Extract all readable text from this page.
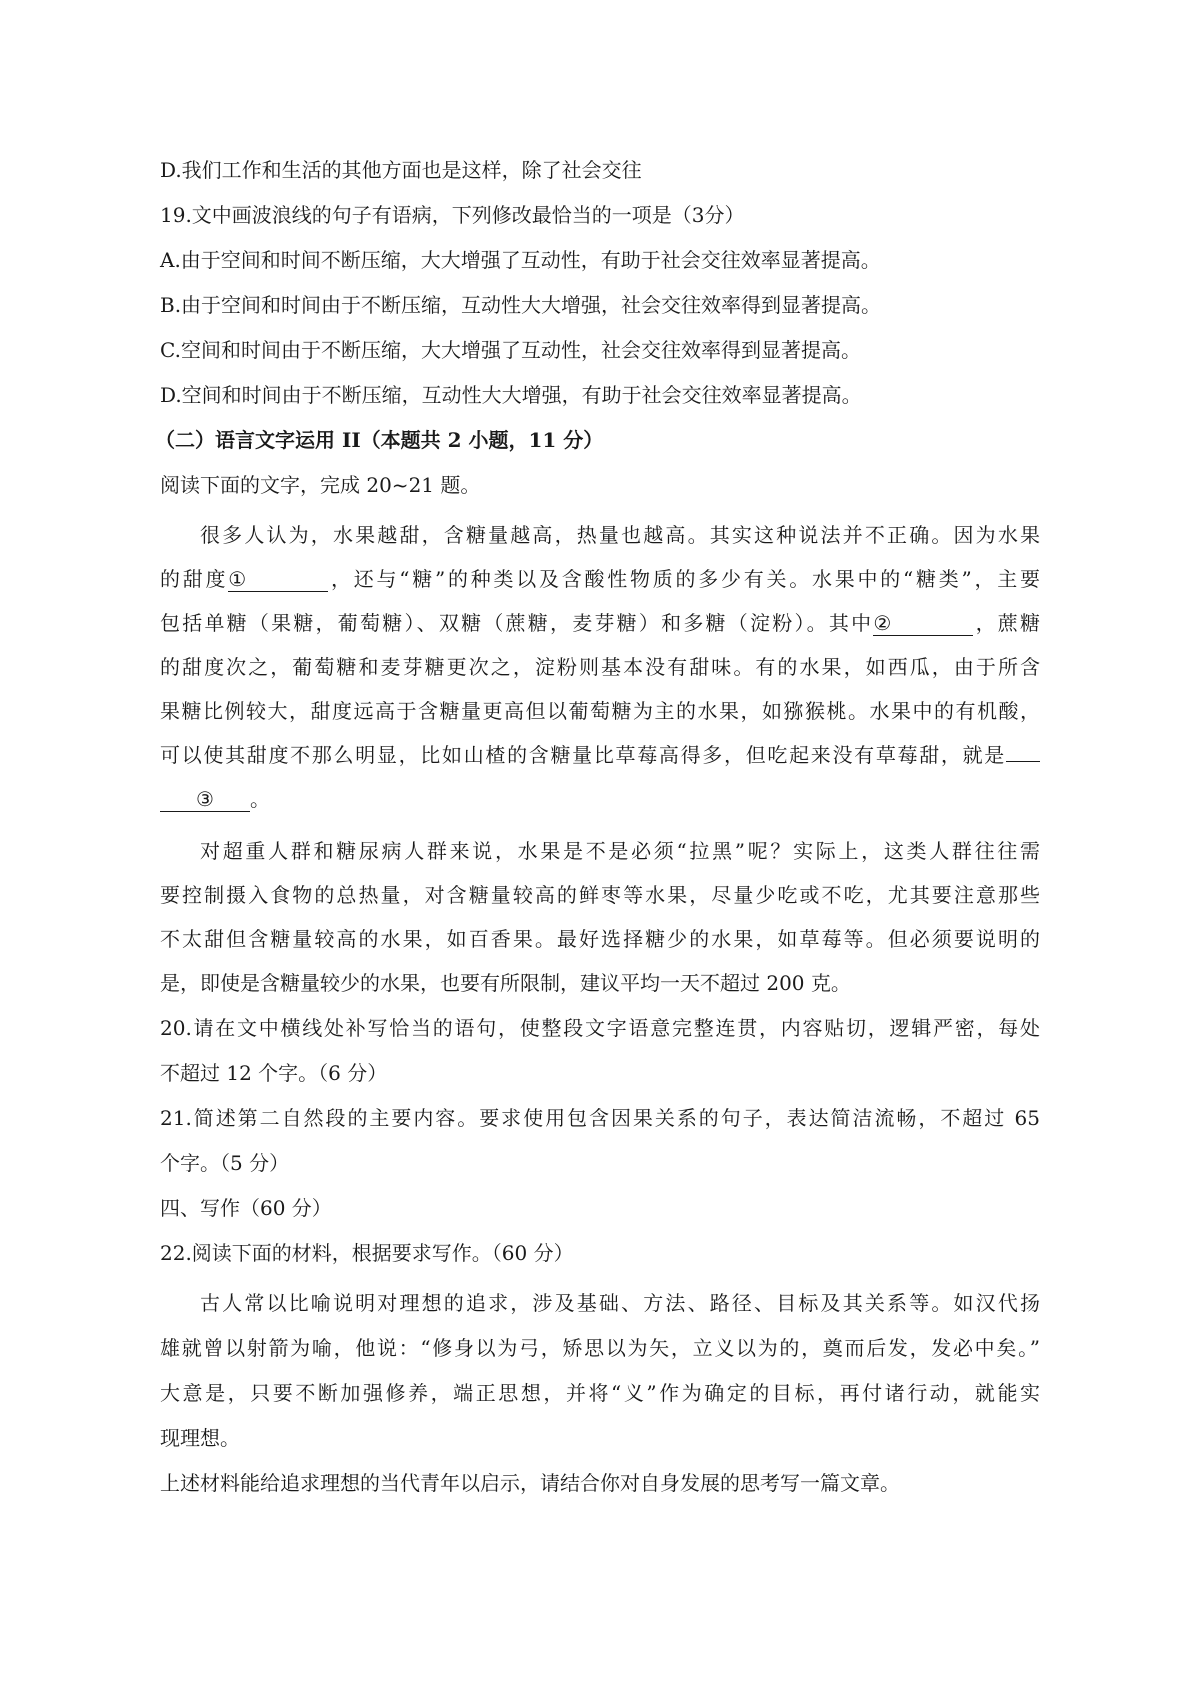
D.我们工作和生活的其他方面也是这样，除了社会交往
19.文中画波浪线的句子有语病，下列修改最恰当的一项是（3分）
A.由于空间和时间不断压缩，大大增强了互动性，有助于社会交往效率显著提高。
B.由于空间和时间由于不断压缩，互动性大大增强，社会交往效率得到显著提高。
C.空间和时间由于不断压缩，大大增强了互动性，社会交往效率得到显著提高。
D.空间和时间由于不断压缩，互动性大大增强，有助于社会交往效率显著提高。
（二）语言文字运用 II（本题共 2 小题，11 分）
阅读下面的文字，完成 20~21 题。
很多人认为，水果越甜，含糖量越高，热量也越高。其实这种说法并不正确。因为水果
的甜度①	，还与“糖”的种类以及含酸性物质的多少有关。水果中的“糖类”，主要
包括单糖（果糖，葡萄糖）、双糖（蔗糖，麦芽糖）和多糖（淀粉）。其中②	，蔗糖
的甜度次之，葡萄糖和麦芽糖更次之，淀粉则基本没有甜味。有的水果，如西瓜，由于所含
果糖比例较大，甜度远高于含糖量更高但以葡萄糖为主的水果，如猕猴桃。水果中的有机酸，
可以使其甜度不那么明显，比如山楂的含糖量比草莓高得多，但吃起来没有草莓甜，就是
③ 。
对超重人群和糖尿病人群来说，水果是不是必须“拉黑”呢？实际上，这类人群往往需
要控制摄入食物的总热量，对含糖量较高的鲜枣等水果，尽量少吃或不吃，尤其要注意那些
不太甜但含糖量较高的水果，如百香果。最好选择糖少的水果，如草莓等。但必须要说明的
是，即使是含糖量较少的水果，也要有所限制，建议平均一天不超过 200 克。
20.请在文中横线处补写恰当的语句，使整段文字语意完整连贯，内容贴切，逻辑严密，每处
不超过 12 个字。（6 分）
21.简述第二自然段的主要内容。要求使用包含因果关系的句子，表达简洁流畅，不超过 65
个字。（5 分）
四、写作（60 分）
22.阅读下面的材料，根据要求写作。（60 分）
古人常以比喻说明对理想的追求，涉及基础、方法、路径、目标及其关系等。如汉代扬
雄就曾以射箭为喻，他说：“修身以为弓，矫思以为矢，立义以为的，奠而后发，发必中矣。”
大意是，只要不断加强修养，端正思想，并将“义”作为确定的目标，再付诸行动，就能实
现理想。
上述材料能给追求理想的当代青年以启示，请结合你对自身发展的思考写一篇文章。
